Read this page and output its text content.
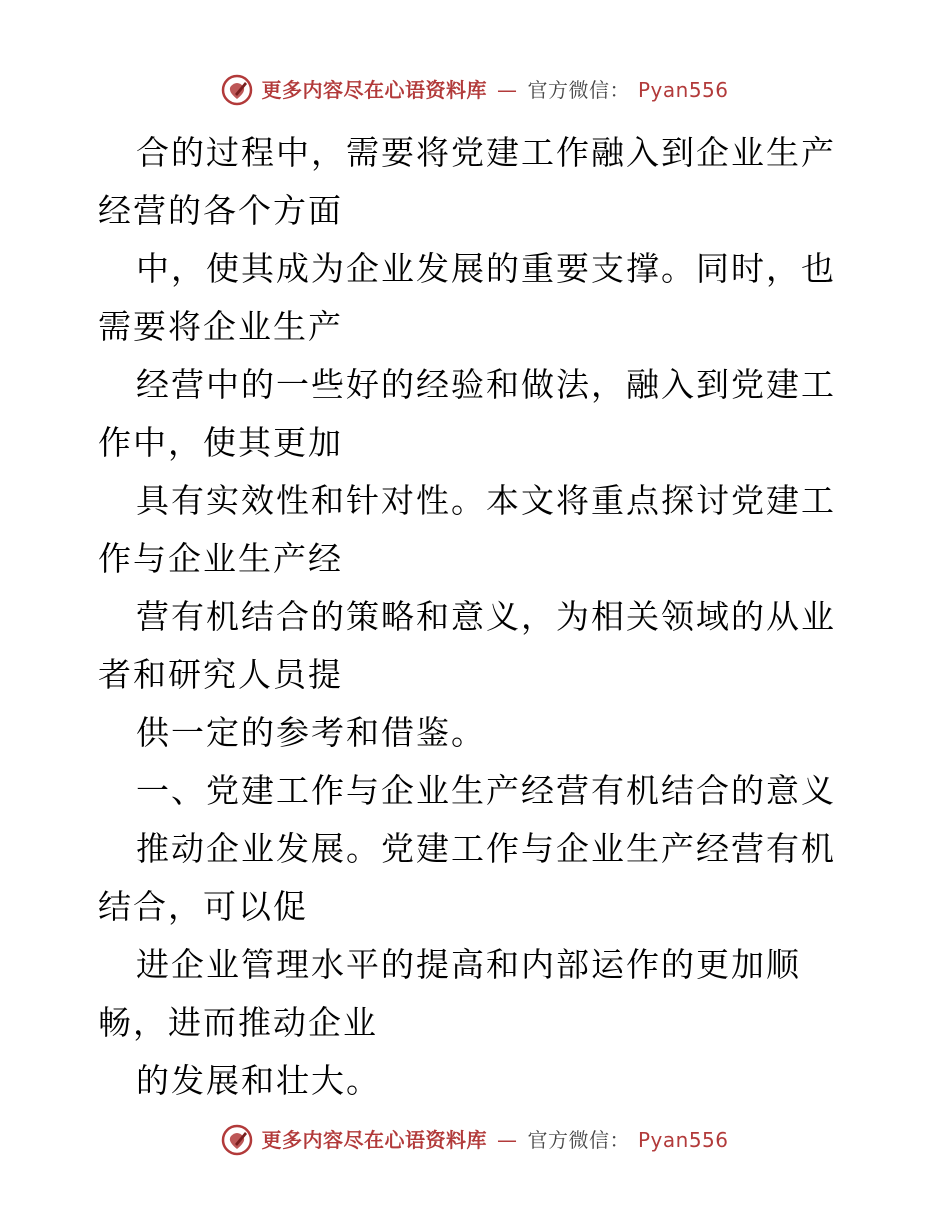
更多内容尽在心语资料库 — 官方微信： Pyan556

合的过程中，需要将党建工作融入到企业生产经营的各个方面

中，使其成为企业发展的重要支撑。同时，也需要将企业生产

经营中的一些好的经验和做法，融入到党建工作中，使其更加

具有实效性和针对性。本文将重点探讨党建工作与企业生产经

营有机结合的策略和意义，为相关领域的从业者和研究人员提

供一定的参考和借鉴。

一、党建工作与企业生产经营有机结合的意义

推动企业发展。党建工作与企业生产经营有机结合，可以促

进企业管理水平的提高和内部运作的更加顺畅，进而推动企业

的发展和壮大。

更多内容尽在心语资料库 — 官方微信： Pyan556
